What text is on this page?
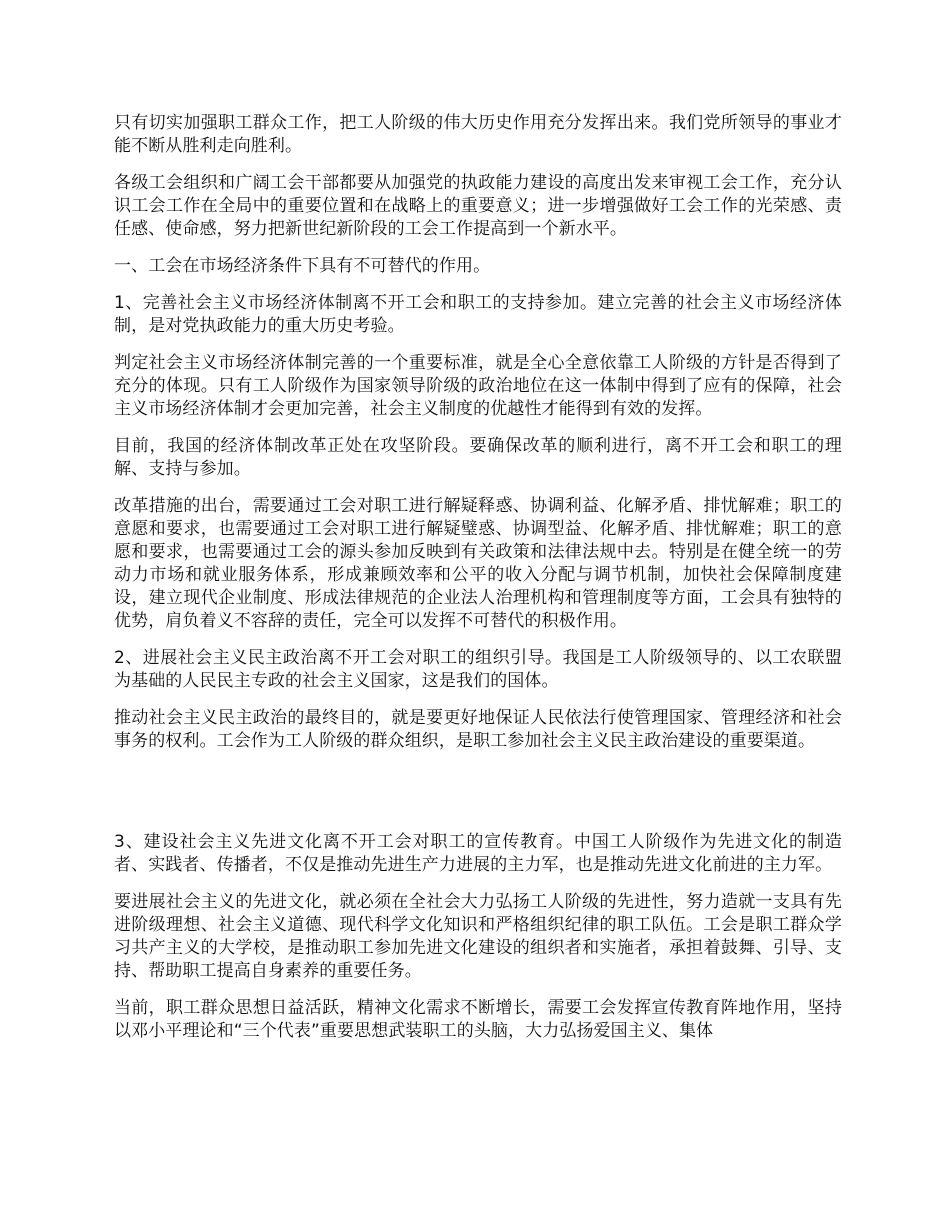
只有切实加强职工群众工作，把工人阶级的伟大历史作用充分发挥出来。我们党所领导的事业才能不断从胜利走向胜利。

各级工会组织和广阔工会干部都要从加强党的执政能力建设的高度出发来审视工会工作，充分认识工会工作在全局中的重要位置和在战略上的重要意义；进一步增强做好工会工作的光荣感、责任感、使命感，努力把新世纪新阶段的工会工作提高到一个新水平。

一、工会在市场经济条件下具有不可替代的作用。

1、完善社会主义市场经济体制离不开工会和职工的支持参加。建立完善的社会主义市场经济体制，是对党执政能力的重大历史考验。

判定社会主义市场经济体制完善的一个重要标准，就是全心全意依靠工人阶级的方针是否得到了充分的体现。只有工人阶级作为国家领导阶级的政治地位在这一体制中得到了应有的保障，社会主义市场经济体制才会更加完善，社会主义制度的优越性才能得到有效的发挥。

目前，我国的经济体制改革正处在攻坚阶段。要确保改革的顺利进行，离不开工会和职工的理解、支持与参加。

改革措施的出台，需要通过工会对职工进行解疑释惑、协调利益、化解矛盾、排忧解难；职工的意愿和要求，也需要通过工会对职工进行解疑璧惑、协调型益、化解矛盾、排忧解难；职工的意愿和要求，也需要通过工会的源头参加反映到有关政策和法律法规中去。特别是在健全统一的劳动力市场和就业服务体系，形成兼顾效率和公平的收入分配与调节机制，加快社会保障制度建设，建立现代企业制度、形成法律规范的企业法人治理机构和管理制度等方面，工会具有独特的优势，肩负着义不容辞的责任，完全可以发挥不可替代的积极作用。

2、进展社会主义民主政治离不开工会对职工的组织引导。我国是工人阶级领导的、以工农联盟为基础的人民民主专政的社会主义国家，这是我们的国体。

推动社会主义民主政治的最终目的，就是要更好地保证人民依法行使管理国家、管理经济和社会事务的权利。工会作为工人阶级的群众组织，是职工参加社会主义民主政治建设的重要渠道。

3、建设社会主义先进文化离不开工会对职工的宣传教育。中国工人阶级作为先进文化的制造者、实践者、传播者，不仅是推动先进生产力进展的主力军，也是推动先进文化前进的主力军。

要进展社会主义的先进文化，就必须在全社会大力弘扬工人阶级的先进性，努力造就一支具有先进阶级理想、社会主义道德、现代科学文化知识和严格组织纪律的职工队伍。工会是职工群众学习共产主义的大学校，是推动职工参加先进文化建设的组织者和实施者，承担着鼓舞、引导、支持、帮助职工提高自身素养的重要任务。

当前，职工群众思想日益活跃，精神文化需求不断增长，需要工会发挥宣传教育阵地作用，坚持以邓小平理论和“三个代表”重要思想武装职工的头脑，大力弘扬爱国主义、集体
